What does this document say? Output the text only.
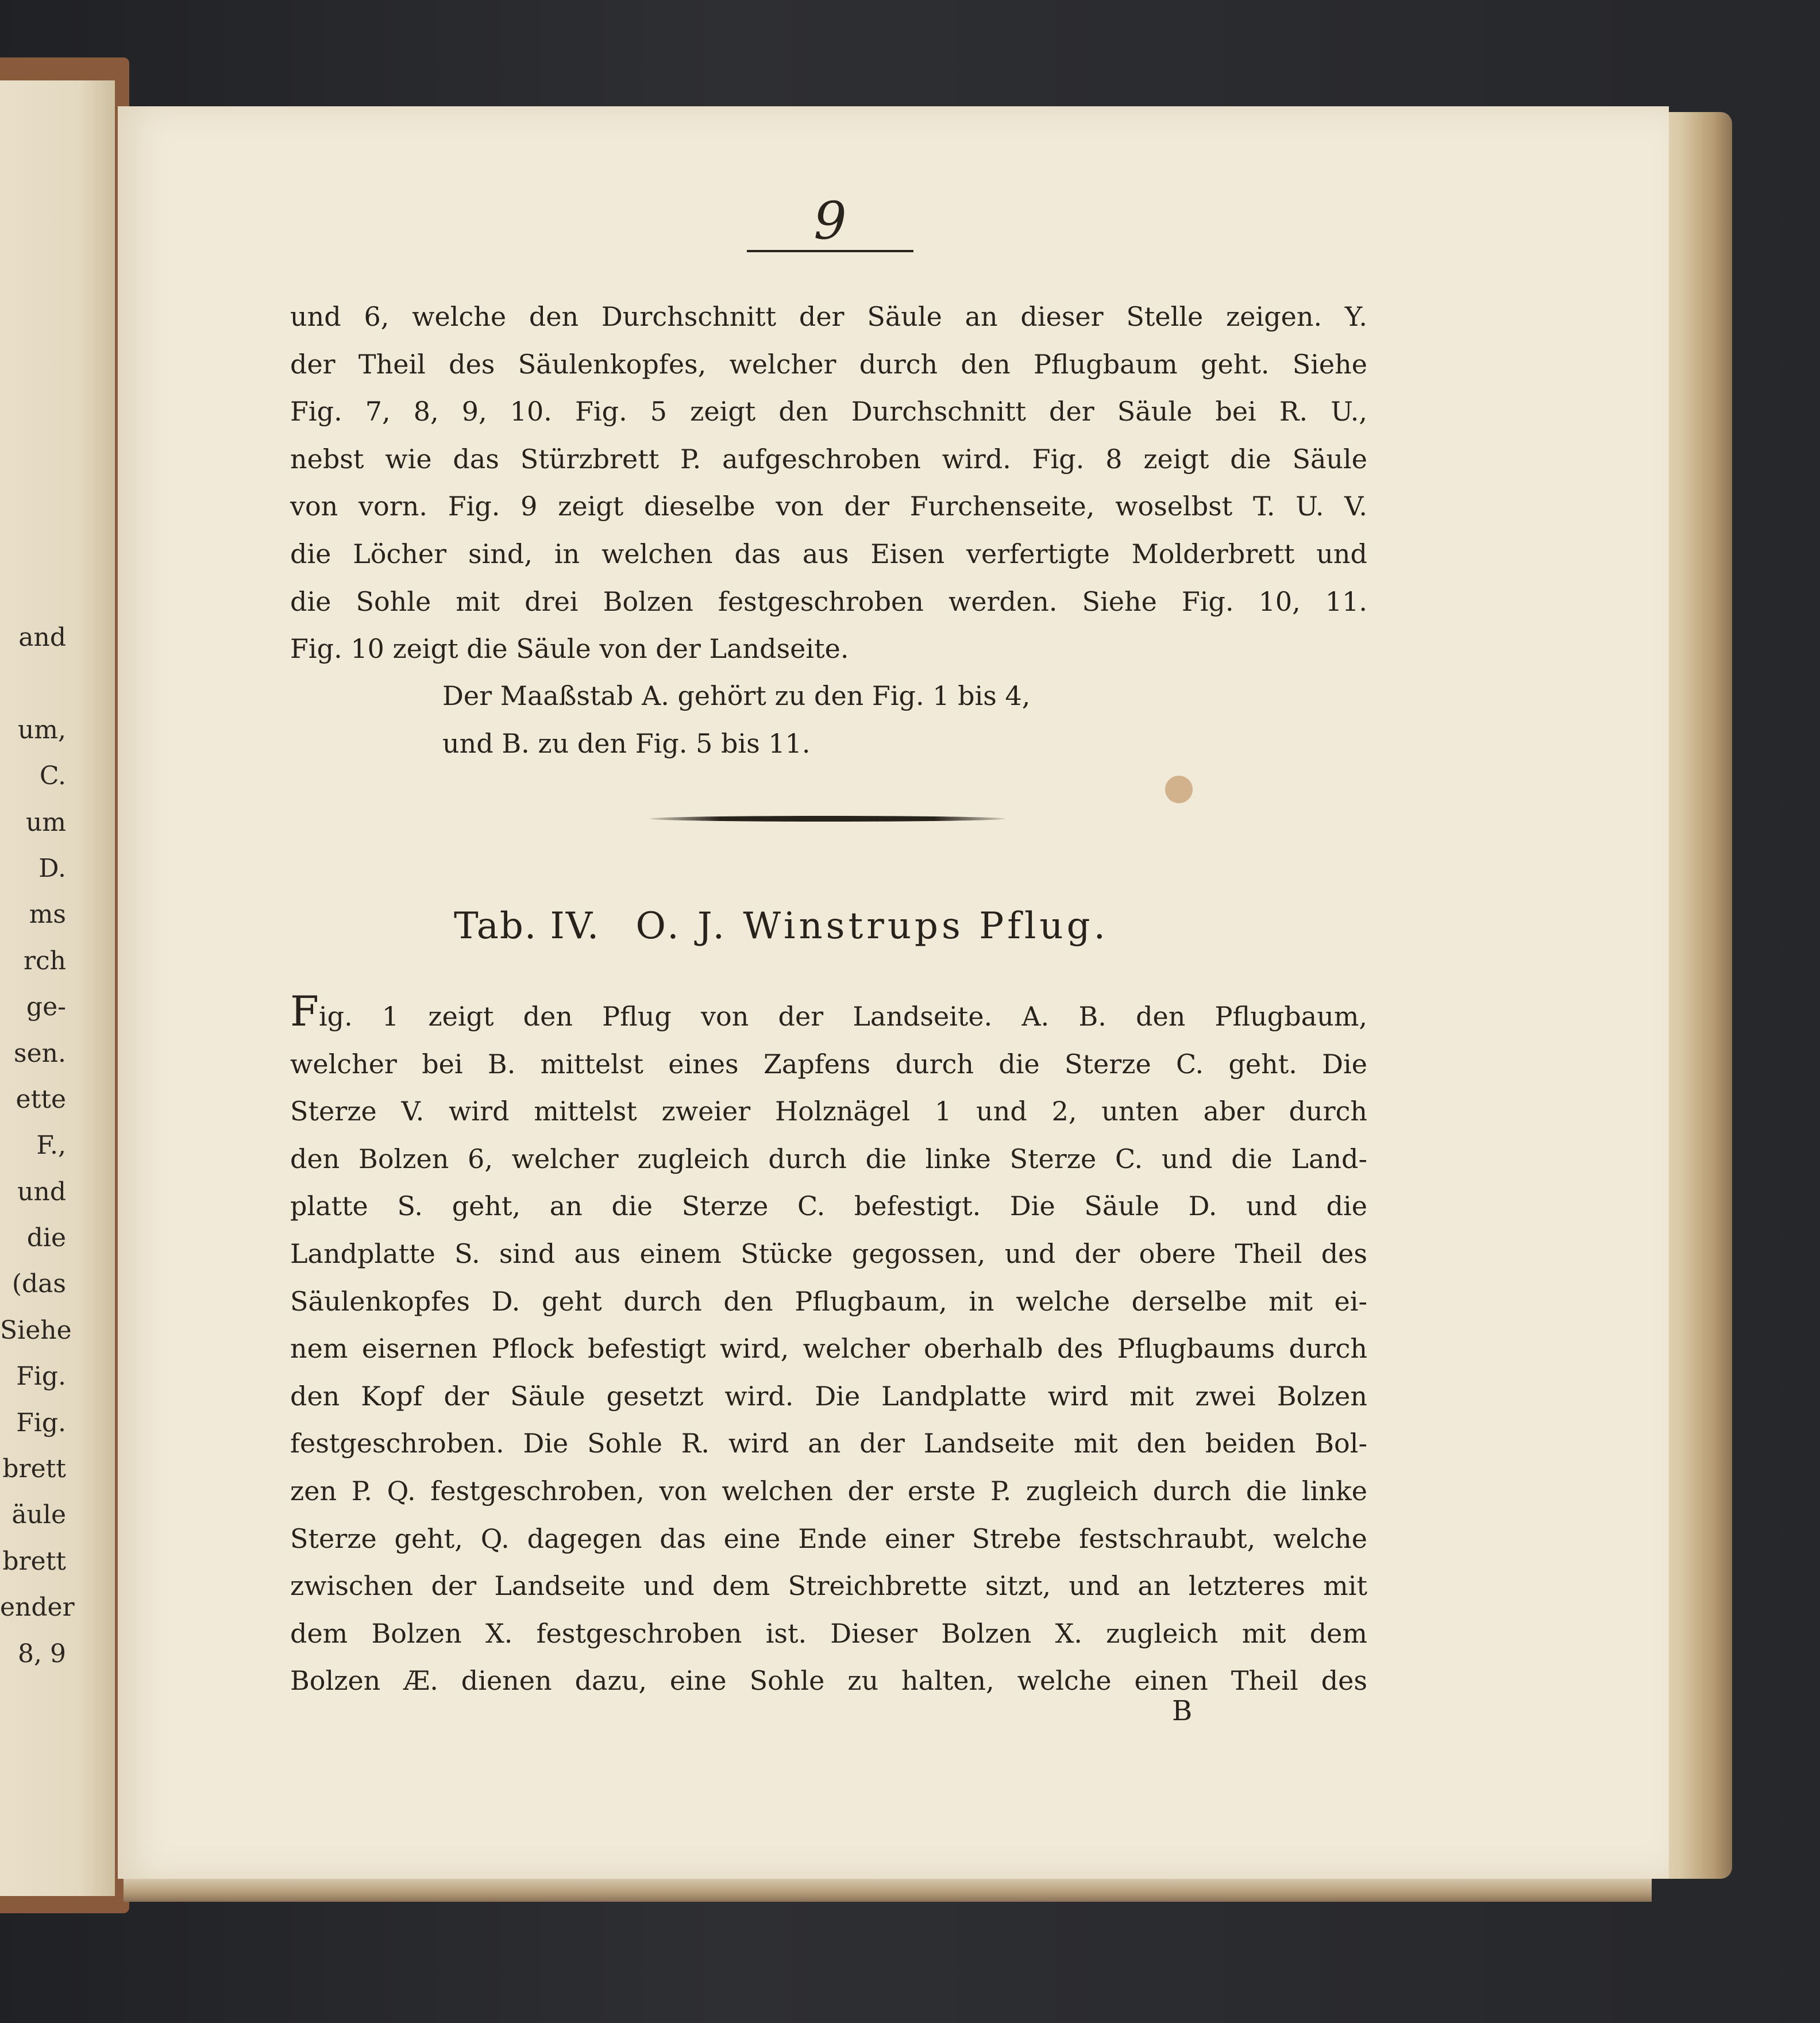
and
um,
C.
um
D.
ms
rch
ge-
sen.
ette
F.,
und
die
(das
Siehe
Fig.
Fig.
brett
äule
brett
ender
8, 9
9
und 6, welche den Durchschnitt der Säule an dieser Stelle zeigen. Y.
der Theil des Säulenkopfes, welcher durch den Pflugbaum geht. Siehe
Fig. 7, 8, 9, 10. Fig. 5 zeigt den Durchschnitt der Säule bei R. U.,
nebst wie das Stürzbrett P. aufgeschroben wird. Fig. 8 zeigt die Säule
von vorn. Fig. 9 zeigt dieselbe von der Furchenseite, woselbst T. U. V.
die Löcher sind, in welchen das aus Eisen verfertigte Molderbrett und
die Sohle mit drei Bolzen festgeschroben werden. Siehe Fig. 10, 11.
Fig. 10 zeigt die Säule von der Landseite.
Der Maaßstab A. gehört zu den Fig. 1 bis 4,
und B. zu den Fig. 5 bis 11.
Tab. IV. O. J. Winstrups Pflug.
Fig. 1 zeigt den Pflug von der Landseite. A. B. den Pflugbaum,
welcher bei B. mittelst eines Zapfens durch die Sterze C. geht. Die
Sterze V. wird mittelst zweier Holznägel 1 und 2, unten aber durch
den Bolzen 6, welcher zugleich durch die linke Sterze C. und die Land-
platte S. geht, an die Sterze C. befestigt. Die Säule D. und die
Landplatte S. sind aus einem Stücke gegossen, und der obere Theil des
Säulenkopfes D. geht durch den Pflugbaum, in welche derselbe mit ei-
nem eisernen Pflock befestigt wird, welcher oberhalb des Pflugbaums durch
den Kopf der Säule gesetzt wird. Die Landplatte wird mit zwei Bolzen
festgeschroben. Die Sohle R. wird an der Landseite mit den beiden Bol-
zen P. Q. festgeschroben, von welchen der erste P. zugleich durch die linke
Sterze geht, Q. dagegen das eine Ende einer Strebe festschraubt, welche
zwischen der Landseite und dem Streichbrette sitzt, und an letzteres mit
dem Bolzen X. festgeschroben ist. Dieser Bolzen X. zugleich mit dem
Bolzen Æ. dienen dazu, eine Sohle zu halten, welche einen Theil des
B
